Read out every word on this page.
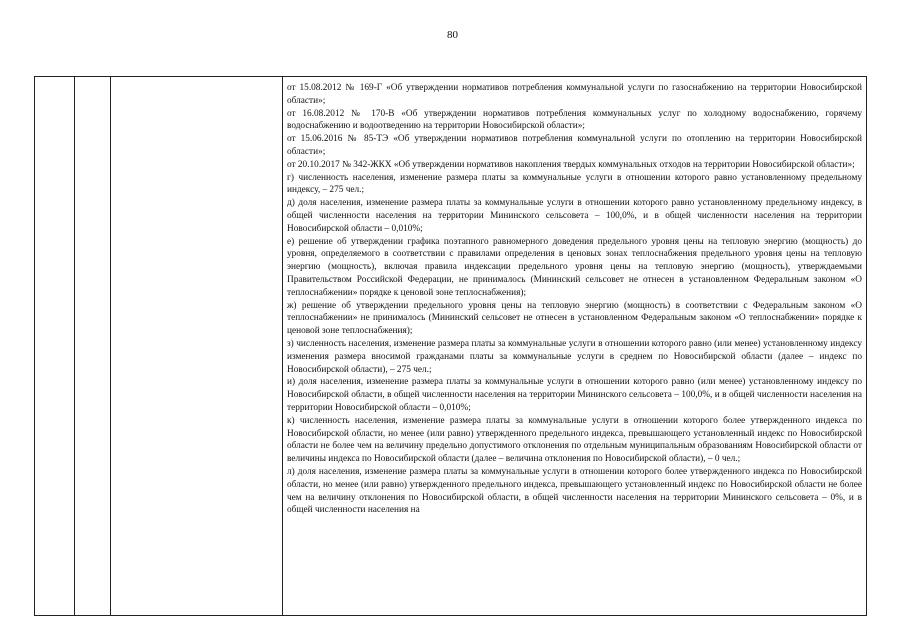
80

от 15.08.2012 № 169-Г «Об утверждении нормативов потребления коммунальной услуги по газоснабжению на территории Новосибирской области»;

от 16.08.2012 № 170-В «Об утверждении нормативов потребления коммунальных услуг по холодному водоснабжению, горячему водоснабжению и водоотведению на территории Новосибирской области»;

от 15.06.2016 № 85-ТЭ «Об утверждении нормативов потребления коммунальной услуги по отоплению на территории Новосибирской области»;

от 20.10.2017 № 342-ЖКХ «Об утверждении нормативов накопления твердых коммунальных отходов на территории Новосибирской области»;

г) численность населения, изменение размера платы за коммунальные услуги в отношении которого равно установленному предельному индексу, – 275 чел.;

д) доля населения, изменение размера платы за коммунальные услуги в отношении которого равно установленному предельному индексу, в общей численности населения на территории Мининского сельсовета – 100,0%, и в общей численности населения на территории Новосибирской области – 0,010%;

е) решение об утверждении графика поэтапного равномерного доведения предельного уровня цены на тепловую энергию (мощность) до уровня, определяемого в соответствии с правилами определения в ценовых зонах теплоснабжения предельного уровня цены на тепловую энергию (мощность), включая правила индексации предельного уровня цены на тепловую энергию (мощность), утверждаемыми Правительством Российской Федерации, не принималось (Мининский сельсовет не отнесен в установленном Федеральным законом «О теплоснабжении» порядке к ценовой зоне теплоснабжения);

ж) решение об утверждении предельного уровня цены на тепловую энергию (мощность) в соответствии с Федеральным законом «О теплоснабжении» не принималось (Мининский сельсовет не отнесен в установленном Федеральным законом «О теплоснабжении» порядке к ценовой зоне теплоснабжения);

з) численность населения, изменение размера платы за коммунальные услуги в отношении которого равно (или менее) установленному индексу изменения размера вносимой гражданами платы за коммунальные услуги в среднем по Новосибирской области (далее – индекс по Новосибирской области), – 275 чел.;

и) доля населения, изменение размера платы за коммунальные услуги в отношении которого равно (или менее) установленному индексу по Новосибирской области, в общей численности населения на территории Мининского сельсовета – 100,0%, и в общей численности населения на территории Новосибирской области – 0,010%;

к) численность населения, изменение размера платы за коммунальные услуги в отношении которого более утвержденного индекса по Новосибирской области, но менее (или равно) утвержденного предельного индекса, превышающего установленный индекс по Новосибирской области не более чем на величину предельно допустимого отклонения по отдельным муниципальным образованиям Новосибирской области от величины индекса по Новосибирской области (далее – величина отклонения по Новосибирской области), – 0 чел.;

л) доля населения, изменение размера платы за коммунальные услуги в отношении которого более утвержденного индекса по Новосибирской области, но менее (или равно) утвержденного предельного индекса, превышающего установленный индекс по Новосибирской области не более чем на величину отклонения по Новосибирской области, в общей численности населения на территории Мининского сельсовета – 0%, и в общей численности населения на
